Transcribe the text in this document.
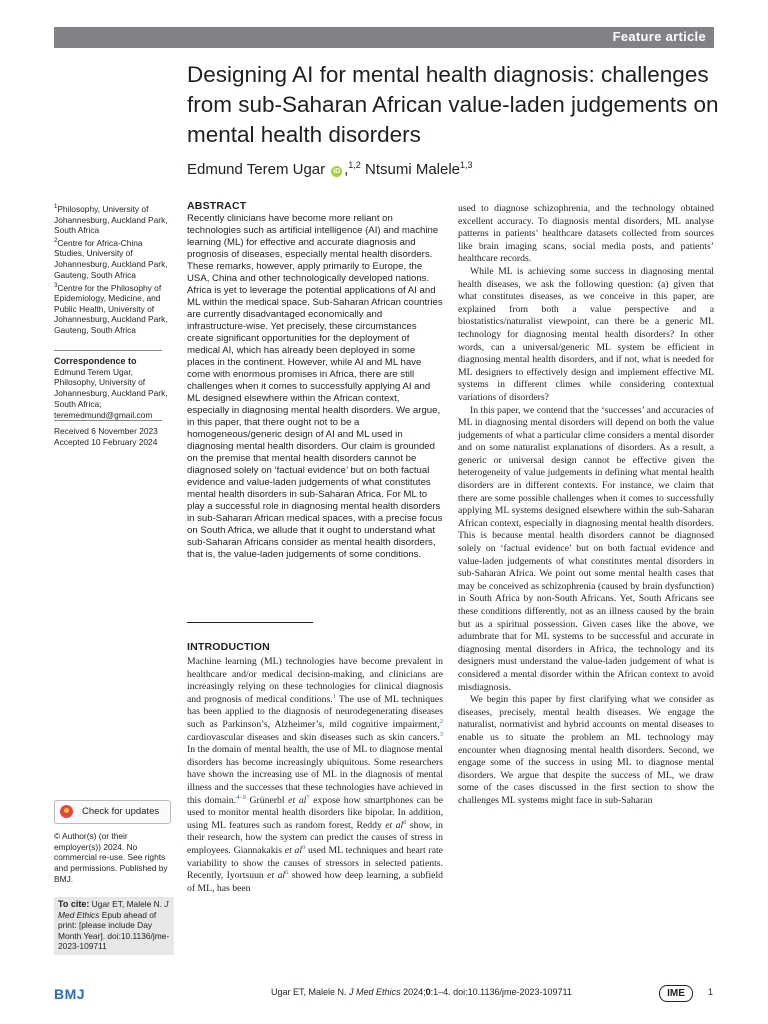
Feature article
Designing AI for mental health diagnosis: challenges from sub-Saharan African value-laden judgements on mental health disorders
Edmund Terem Ugar iD ,$^{1,2}$ Ntsumi Malele$^{1,3}$

$^1$Philosophy, University of Johannesburg, Auckland Park, South Africa

$^2$Centre for Africa-China Studies, University of Johannesburg, Auckland Park, Gauteng, South Africa

$^3$Centre for the Philosophy of Epidemiology, Medicine, and Public Health, University of Johannesburg, Auckland Park, Gauteng, South Africa

Correspondence to

Edmund Terem Ugar, Philosophy, University of Johannesburg, Auckland Park, South Africa; teremedmund@gmail.com

Received 6 November 2023

Accepted 10 February 2024

Check for updates

© Author(s) (or their employer(s)) 2024. No commercial re-use. See rights and permissions. Published by BMJ.

To cite: Ugar ET, Malele N. J Med Ethics Epub ahead of print: [please include Day Month Year]. doi:10.1136/jme-2023-109711
ABSTRACT

Recently clinicians have become more reliant on technologies such as artificial intelligence (AI) and machine learning (ML) for effective and accurate diagnosis and prognosis of diseases, especially mental health disorders. These remarks, however, apply primarily to Europe, the USA, China and other technologically developed nations. Africa is yet to leverage the potential applications of AI and ML within the medical space. Sub-Saharan African countries are currently disadvantaged economically and infrastructure-wise. Yet precisely, these circumstances create significant opportunities for the deployment of medical AI, which has already been deployed in some places in the continent. However, while AI and ML have come with enormous promises in Africa, there are still challenges when it comes to successfully applying AI and ML designed elsewhere within the African context, especially in diagnosing mental health disorders. We argue, in this paper, that there ought not to be a homogeneous/generic design of AI and ML used in diagnosing mental health disorders. Our claim is grounded on the premise that mental health disorders cannot be diagnosed solely on ‘factual evidence’ but on both factual evidence and value-laden judgements of what constitutes mental health disorders in sub-Saharan Africa. For ML to play a successful role in diagnosing mental health disorders in sub-Saharan African medical spaces, with a precise focus on South Africa, we allude that it ought to understand what sub-Saharan Africans consider as mental health disorders, that is, the value-laden judgements of some conditions.

INTRODUCTION

Machine learning (ML) technologies have become prevalent in healthcare and/or medical decision-making, and clinicians are increasingly relying on these technologies for clinical diagnosis and prognosis of medical conditions.$^1$ The use of ML techniques has been applied to the diagnosis of neurodegenerating diseases such as Parkinson’s, Alzheimer’s, mild cognitive impairment,$^2$ cardiovascular diseases and skin diseases such as skin cancers.$^3$ In the domain of mental health, the use of ML to diagnose mental disorders has become increasingly ubiquitous. Some researchers have shown the increasing use of ML in the diagnosis of mental illness and the successes that these technologies have achieved in this domain.$^{4-9}$ Grünerbl et al$^7$ expose how smartphones can be used to monitor mental health disorders like bipolar. In addition, using ML features such as random forest, Reddy et al$^8$ show, in their research, how the system can predict the causes of stress in employees. Giannakakis et al$^9$ used ML techniques and heart rate variability to show the causes of stressors in selected patients. Recently, Iyortsuun et al$^6$ showed how deep learning, a subfield of ML, has been

used to diagnose schizophrenia, and the technology obtained excellent accuracy. To diagnosis mental disorders, ML analyse patterns in patients’ healthcare datasets collected from sources like brain imaging scans, social media posts, and patients’ healthcare records.

While ML is achieving some success in diagnosing mental health diseases, we ask the following question: (a) given that what constitutes diseases, as we conceive in this paper, are explained from both a value perspective and a biostatistics/naturalist viewpoint, can there be a generic ML technology for diagnosing mental health disorders? In other words, can a universal/generic ML system be efficient in diagnosing mental health disorders, and if not, what is needed for ML designers to effectively design and implement effective ML systems in different climes while considering contextual variations of disorders?

In this paper, we contend that the ‘successes’ and accuracies of ML in diagnosing mental disorders will depend on both the value judgements of what a particular clime considers a mental disorder and on some naturalist explanations of disorders. As a result, a generic or universal design cannot be effective given the heterogeneity of value judgements in defining what mental health disorders are in different contexts. For instance, we claim that there are some possible challenges when it comes to successfully applying ML systems designed elsewhere within the sub-Saharan African context, especially in diagnosing mental health disorders. This is because mental health disorders cannot be diagnosed solely on ‘factual evidence’ but on both factual evidence and value-laden judgements of what constitutes mental disorders in sub-Saharan Africa. We point out some mental health cases that may be conceived as schizophrenia (caused by brain dysfunction) in South Africa by non-South Africans. Yet, South Africans see these conditions differently, not as an illness caused by the brain but as a spiritual possession. Given cases like the above, we adumbrate that for ML systems to be successful and accurate in diagnosing mental disorders in Africa, the technology and its designers must understand the value-laden judgement of what is considered a mental disorder within the African context to avoid misdiagnosis.

We begin this paper by first clarifying what we consider as diseases, precisely, mental health diseases. We engage the naturalist, normativist and hybrid accounts on mental diseases to enable us to situate the problem an ML technology may encounter when diagnosing mental health disorders. Second, we engage some of the success in using ML to diagnose mental disorders. We argue that despite the success of ML, we draw some of the cases discussed in the first section to show the challenges ML systems might face in sub-Saharan

BMJ	Ugar ET, Malele N. J Med Ethics 2024;0:1–4. doi:10.1136/jme-2023-109711	IME	1
